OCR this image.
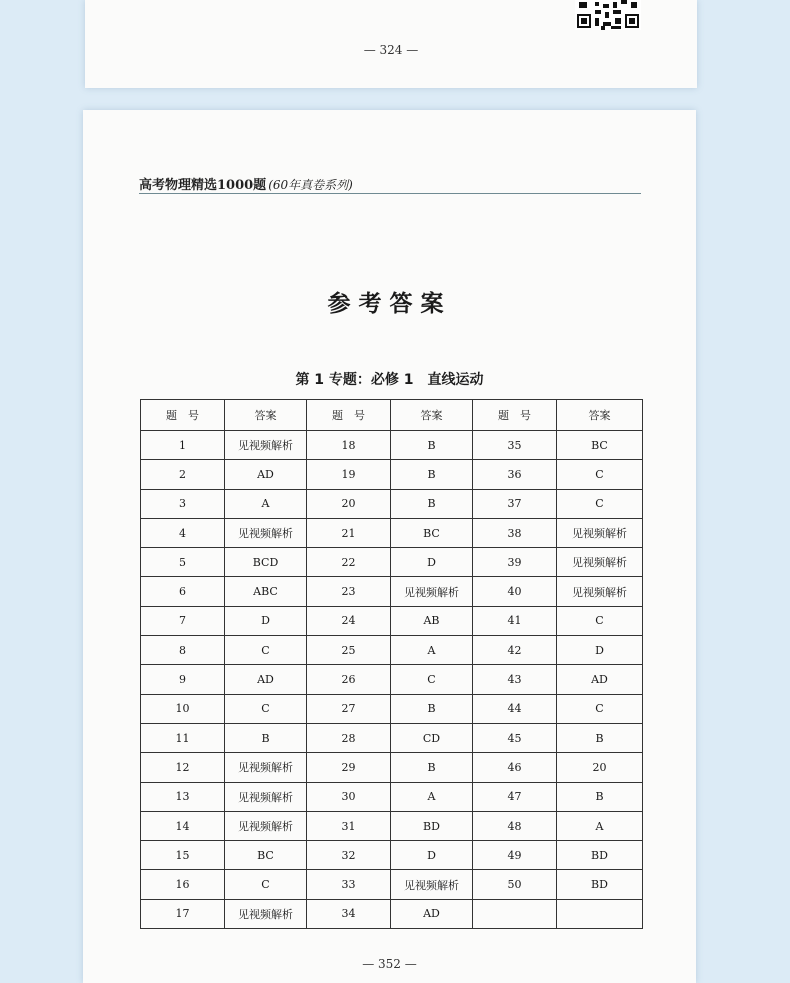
— 324 —
高考物理精选1000题 (60年真卷系列)
参考答案
第 1 专题：必修 1 直线运动
题　号	答案	题　号	答案	题　号	答案
1	见视频解析	18	B	35	BC
2	AD	19	B	36	C
3	A	20	B	37	C
4	见视频解析	21	BC	38	见视频解析
5	BCD	22	D	39	见视频解析
6	ABC	23	见视频解析	40	见视频解析
7	D	24	AB	41	C
8	C	25	A	42	D
9	AD	26	C	43	AD
10	C	27	B	44	C
11	B	28	CD	45	B
12	见视频解析	29	B	46	20
13	见视频解析	30	A	47	B
14	见视频解析	31	BD	48	A
15	BC	32	D	49	BD
16	C	33	见视频解析	50	BD
17	见视频解析	34	AD		
— 352 —
